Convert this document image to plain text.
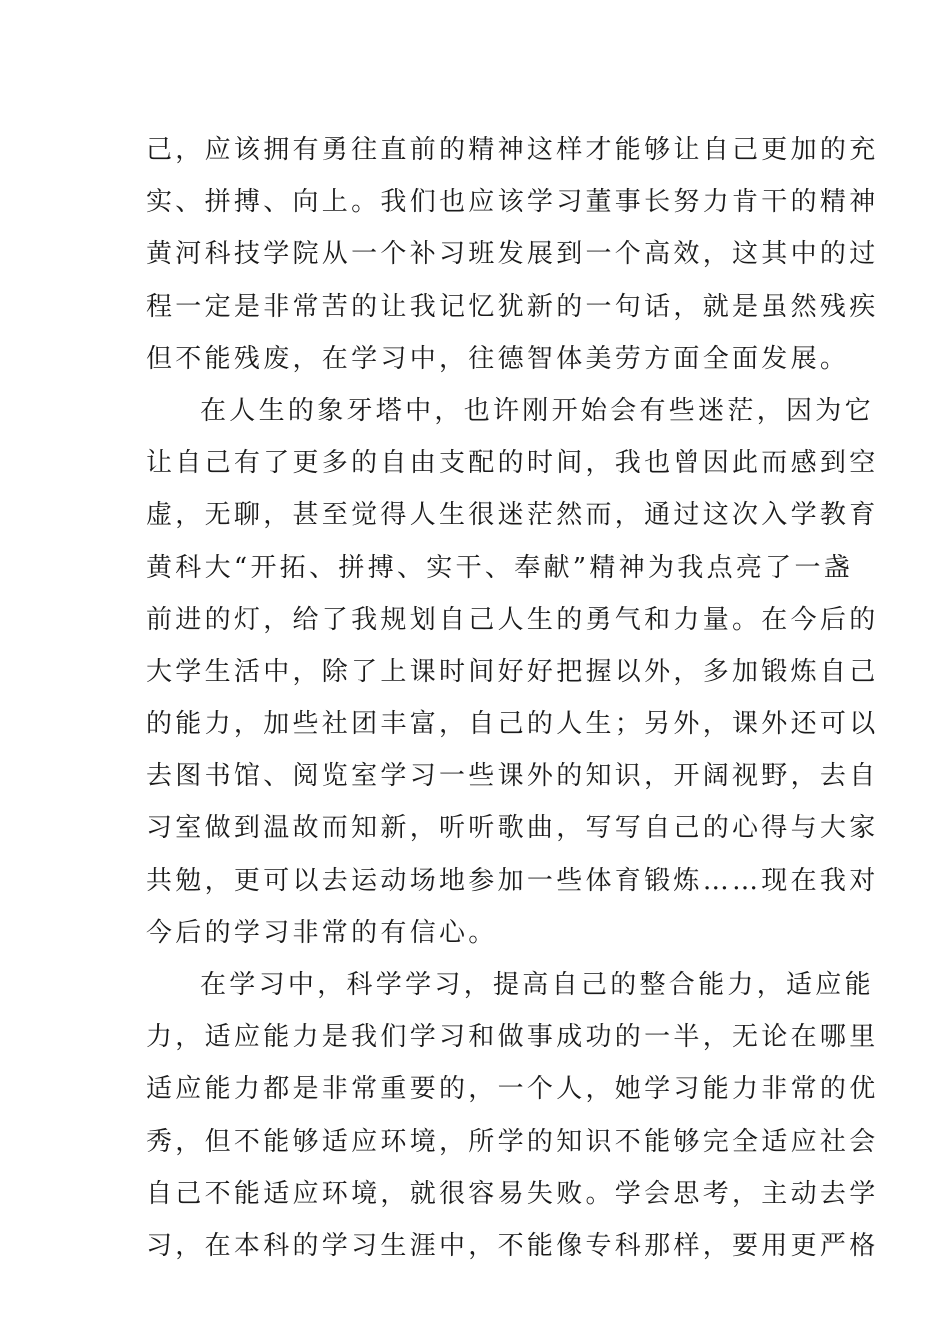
己，应该拥有勇往直前的精神这样才能够让自己更加的充
实、拼搏、向上。我们也应该学习董事长努力肯干的精神
黄河科技学院从一个补习班发展到一个高效，这其中的过
程一定是非常苦的让我记忆犹新的一句话，就是虽然残疾
但不能残废，在学习中，往德智体美劳方面全面发展。
在人生的象牙塔中，也许刚开始会有些迷茫，因为它
让自己有了更多的自由支配的时间，我也曾因此而感到空
虚，无聊，甚至觉得人生很迷茫然而，通过这次入学教育
黄科大“开拓、拼搏、实干、奉献”精神为我点亮了一盏
前进的灯，给了我规划自己人生的勇气和力量。在今后的
大学生活中，除了上课时间好好把握以外，多加锻炼自己
的能力，加些社团丰富，自己的人生；另外，课外还可以
去图书馆、阅览室学习一些课外的知识，开阔视野，去自
习室做到温故而知新，听听歌曲，写写自己的心得与大家
共勉，更可以去运动场地参加一些体育锻炼……现在我对
今后的学习非常的有信心。
在学习中，科学学习，提高自己的整合能力，适应能
力，适应能力是我们学习和做事成功的一半，无论在哪里
适应能力都是非常重要的，一个人，她学习能力非常的优
秀，但不能够适应环境，所学的知识不能够完全适应社会
自己不能适应环境，就很容易失败。学会思考，主动去学
习，在本科的学习生涯中，不能像专科那样，要用更严格
